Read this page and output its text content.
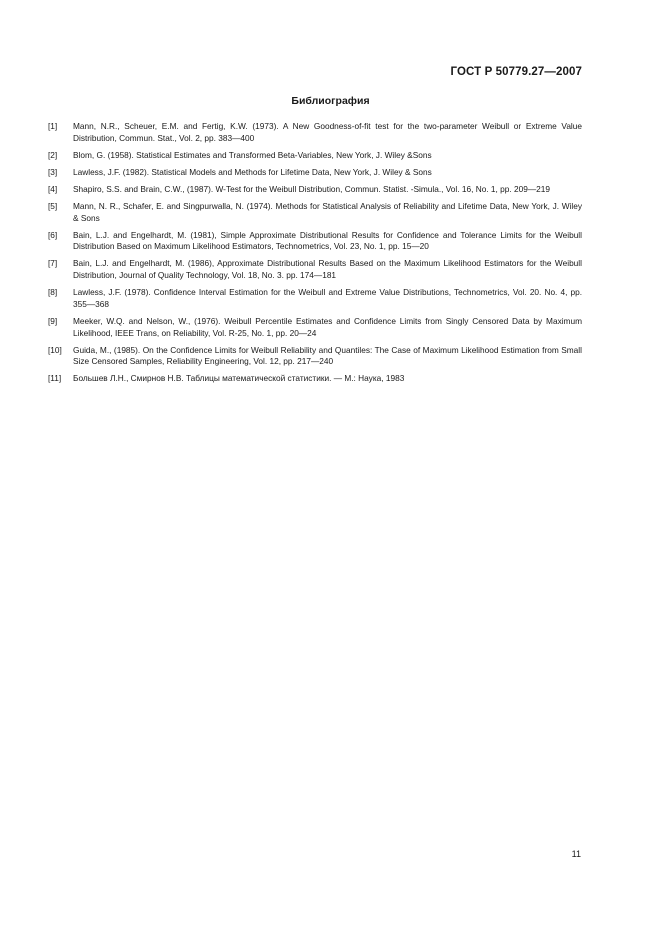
ГОСТ Р 50779.27—2007
Библиография
[1]	Mann, N.R., Scheuer, E.M. and Fertig, K.W. (1973). A New Goodness-of-fit test for the two-parameter Weibull or Extreme Value Distribution, Commun. Stat., Vol. 2, pp. 383—400
[2]	Blom, G. (1958). Statistical Estimates and Transformed Beta-Variables, New York, J. Wiley &Sons
[3]	Lawless, J.F. (1982). Statistical Models and Methods for Lifetime Data, New York, J. Wiley & Sons
[4]	Shapiro, S.S. and Brain, C.W., (1987). W-Test for the Weibull Distribution, Commun. Statist. -Simula., Vol. 16, No. 1, pp. 209—219
[5]	Mann, N. R., Schafer, E. and Singpurwalla, N. (1974). Methods for Statistical Analysis of Reliability and Lifetime Data, New York, J. Wiley & Sons
[6]	Bain, L.J. and Engelhardt, M. (1981), Simple Approximate Distributional Results for Confidence and Tolerance Limits for the Weibull Distribution Based on Maximum Likelihood Estimators, Technometrics, Vol. 23, No. 1, pp. 15—20
[7]	Bain, L.J. and Engelhardt, M. (1986), Approximate Distributional Results Based on the Maximum Likelihood Estimators for the Weibull Distribution, Journal of Quality Technology, Vol. 18, No. 3. pp. 174—181
[8]	Lawless, J.F. (1978). Confidence Interval Estimation for the Weibull and Extreme Value Distributions, Technometrics, Vol. 20. No. 4, pp. 355—368
[9]	Meeker, W.Q. and Nelson, W., (1976). Weibull Percentile Estimates and Confidence Limits from Singly Censored Data by Maximum Likelihood, IEEE Trans, on Reliability, Vol. R-25, No. 1, pp. 20—24
[10]	Guida, M., (1985). On the Confidence Limits for Weibull Reliability and Quantiles: The Case of Maximum Likelihood Estimation from Small Size Censored Samples, Reliability Engineering, Vol. 12, pp. 217—240
[11]	Большев Л.Н., Смирнов Н.В. Таблицы математической статистики. — М.: Наука, 1983
11
